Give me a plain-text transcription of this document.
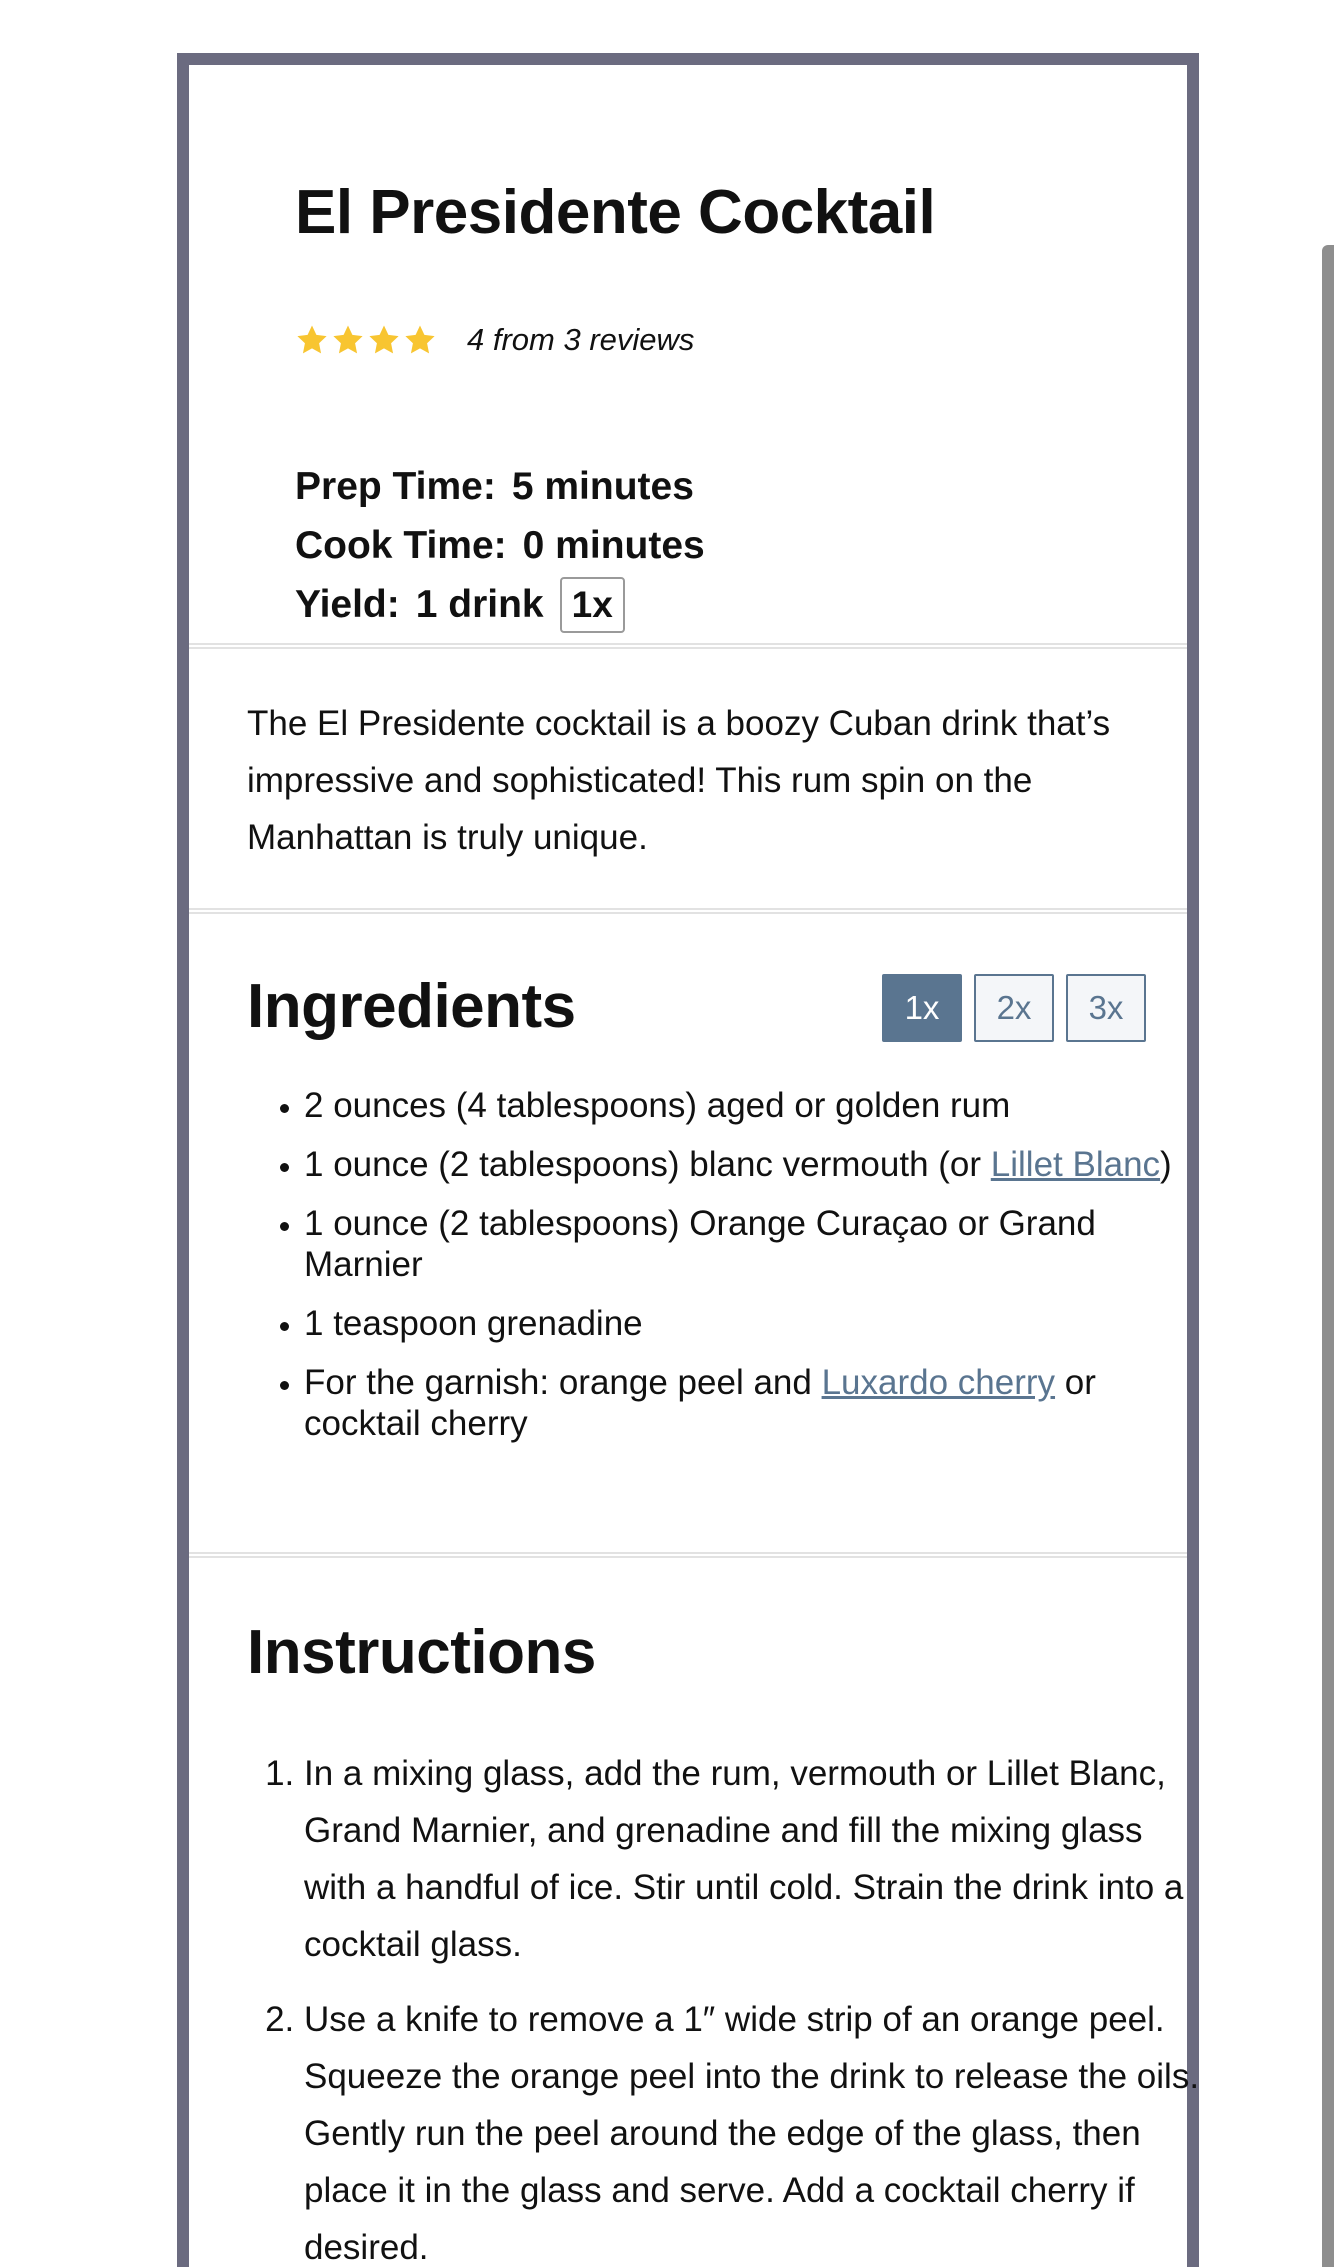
El Presidente Cocktail
4 from 3 reviews
Prep Time: 5 minutes
Cook Time: 0 minutes
Yield: 1 drink 1x

The El Presidente cocktail is a boozy Cuban drink that’s impressive and sophisticated! This rum spin on the Manhattan is truly unique.

Ingredients	1x	2x	3x
• 2 ounces (4 tablespoons) aged or golden rum
• 1 ounce (2 tablespoons) blanc vermouth (or Lillet Blanc)
• 1 ounce (2 tablespoons) Orange Curaçao or Grand Marnier
• 1 teaspoon grenadine
• For the garnish: orange peel and Luxardo cherry or cocktail cherry
Instructions
1. In a mixing glass, add the rum, vermouth or Lillet Blanc, Grand Marnier, and grenadine and fill the mixing glass with a handful of ice. Stir until cold. Strain the drink into a cocktail glass.
2. Use a knife to remove a 1″ wide strip of an orange peel. Squeeze the orange peel into the drink to release the oils. Gently run the peel around the edge of the glass, then place it in the glass and serve. Add a cocktail cherry if desired.
